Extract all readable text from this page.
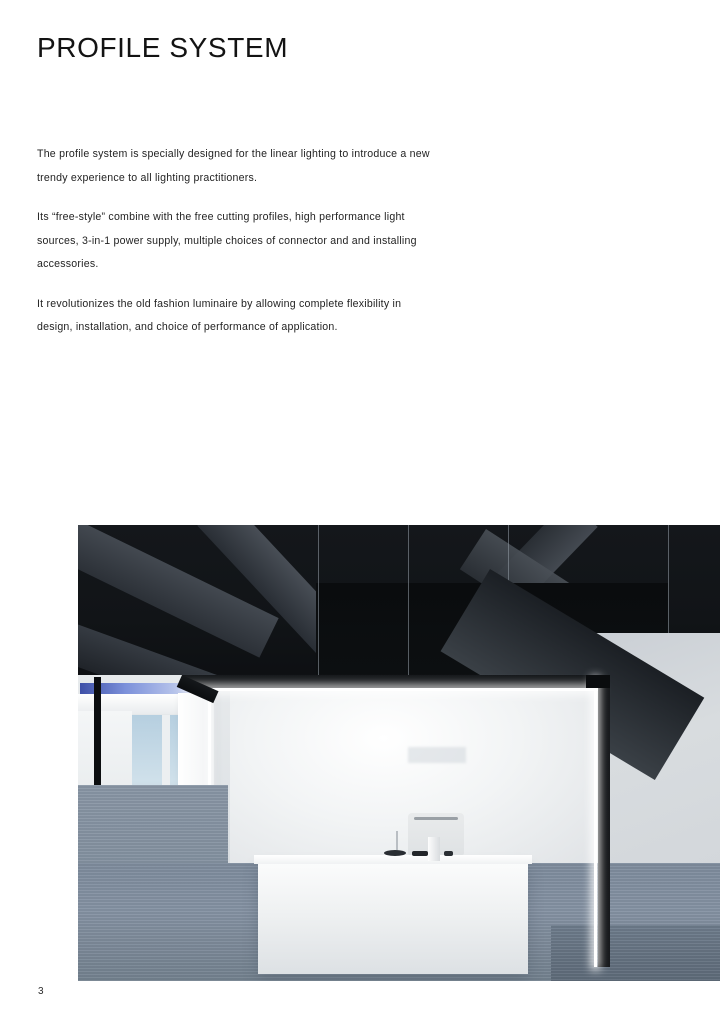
PROFILE SYSTEM

The profile system is specially designed for the linear lighting to introduce a new trendy experience to all lighting practitioners.

Its “free-style” combine with the free cutting profiles, high performance light sources, 3-in-1 power supply, multiple choices of connector and and installing accessories.

It revolutionizes the old fashion luminaire by allowing complete flexibility in design, installation, and choice of performance of application.

3
